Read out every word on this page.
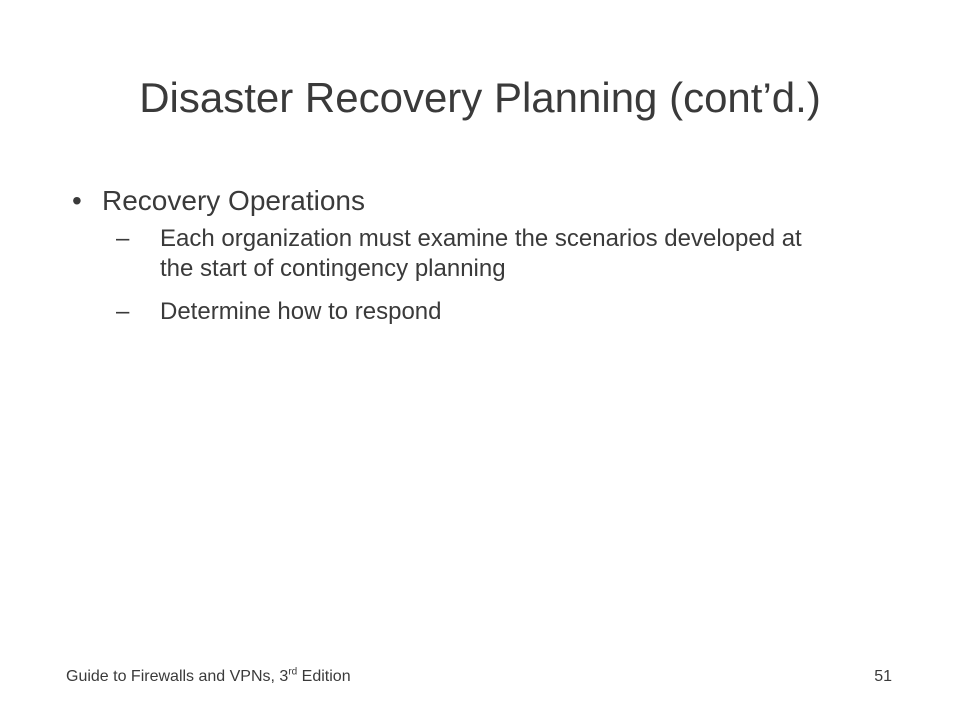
Disaster Recovery Planning (cont’d.)
• Recovery Operations
– Each organization must examine the scenarios developed at the start of contingency planning
– Determine how to respond
Guide to Firewalls and VPNs, 3rd Edition	51
